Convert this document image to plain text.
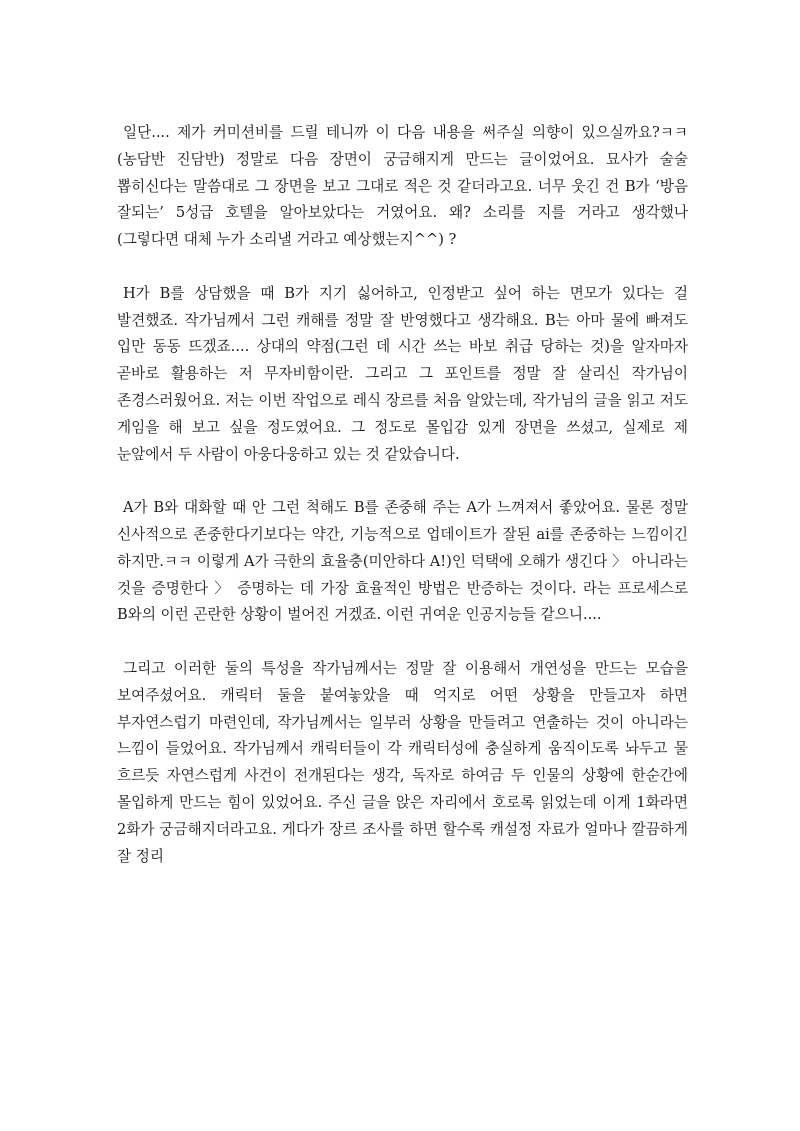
일단.... 제가 커미션비를 드릴 테니까 이 다음 내용을 써주실 의향이 있으실까요?ㅋㅋ (농담반 진담반) 정말로 다음 장면이 궁금해지게 만드는 글이었어요. 묘사가 술술 뽑히신다는 말씀대로 그 장면을 보고 그대로 적은 것 같더라고요. 너무 웃긴 건 B가 ‘방음 잘되는’ 5성급 호텔을 알아보았다는 거였어요. 왜? 소리를 지를 거라고 생각했나 (그렇다면 대체 누가 소리낼 거라고 예상했는지^^) ?

H가 B를 상담했을 때 B가 지기 싫어하고, 인정받고 싶어 하는 면모가 있다는 걸 발견했죠. 작가님께서 그런 캐해를 정말 잘 반영했다고 생각해요. B는 아마 물에 빠져도 입만 동동 뜨겠죠.... 상대의 약점(그런 데 시간 쓰는 바보 취급 당하는 것)을 알자마자 곧바로 활용하는 저 무자비함이란. 그리고 그 포인트를 정말 잘 살리신 작가님이 존경스러웠어요. 저는 이번 작업으로 레식 장르를 처음 알았는데, 작가님의 글을 읽고 저도 게임을 해 보고 싶을 정도였어요. 그 정도로 몰입감 있게 장면을 쓰셨고, 실제로 제 눈앞에서 두 사람이 아웅다웅하고 있는 것 같았습니다.

A가 B와 대화할 때 안 그런 척해도 B를 존중해 주는 A가 느껴져서 좋았어요. 물론 정말 신사적으로 존중한다기보다는 약간, 기능적으로 업데이트가 잘된 ai를 존중하는 느낌이긴 하지만.ㅋㅋ 이렇게 A가 극한의 효율충(미안하다 A!)인 덕택에 오해가 생긴다 〉 아니라는 것을 증명한다 〉 증명하는 데 가장 효율적인 방법은 반증하는 것이다. 라는 프로세스로 B와의 이런 곤란한 상황이 벌어진 거겠죠. 이런 귀여운 인공지능들 같으니....

그리고 이러한 둘의 특성을 작가님께서는 정말 잘 이용해서 개연성을 만드는 모습을 보여주셨어요. 캐릭터 둘을 붙여놓았을 때 억지로 어떤 상황을 만들고자 하면 부자연스럽기 마련인데, 작가님께서는 일부러 상황을 만들려고 연출하는 것이 아니라는 느낌이 들었어요. 작가님께서 캐릭터들이 각 캐릭터성에 충실하게 움직이도록 놔두고 물 흐르듯 자연스럽게 사건이 전개된다는 생각, 독자로 하여금 두 인물의 상황에 한순간에 몰입하게 만드는 힘이 있었어요. 주신 글을 앉은 자리에서 호로록 읽었는데 이게 1화라면 2화가 궁금해지더라고요. 게다가 장르 조사를 하면 할수록 캐설정 자료가 얼마나 깔끔하게 잘 정리
